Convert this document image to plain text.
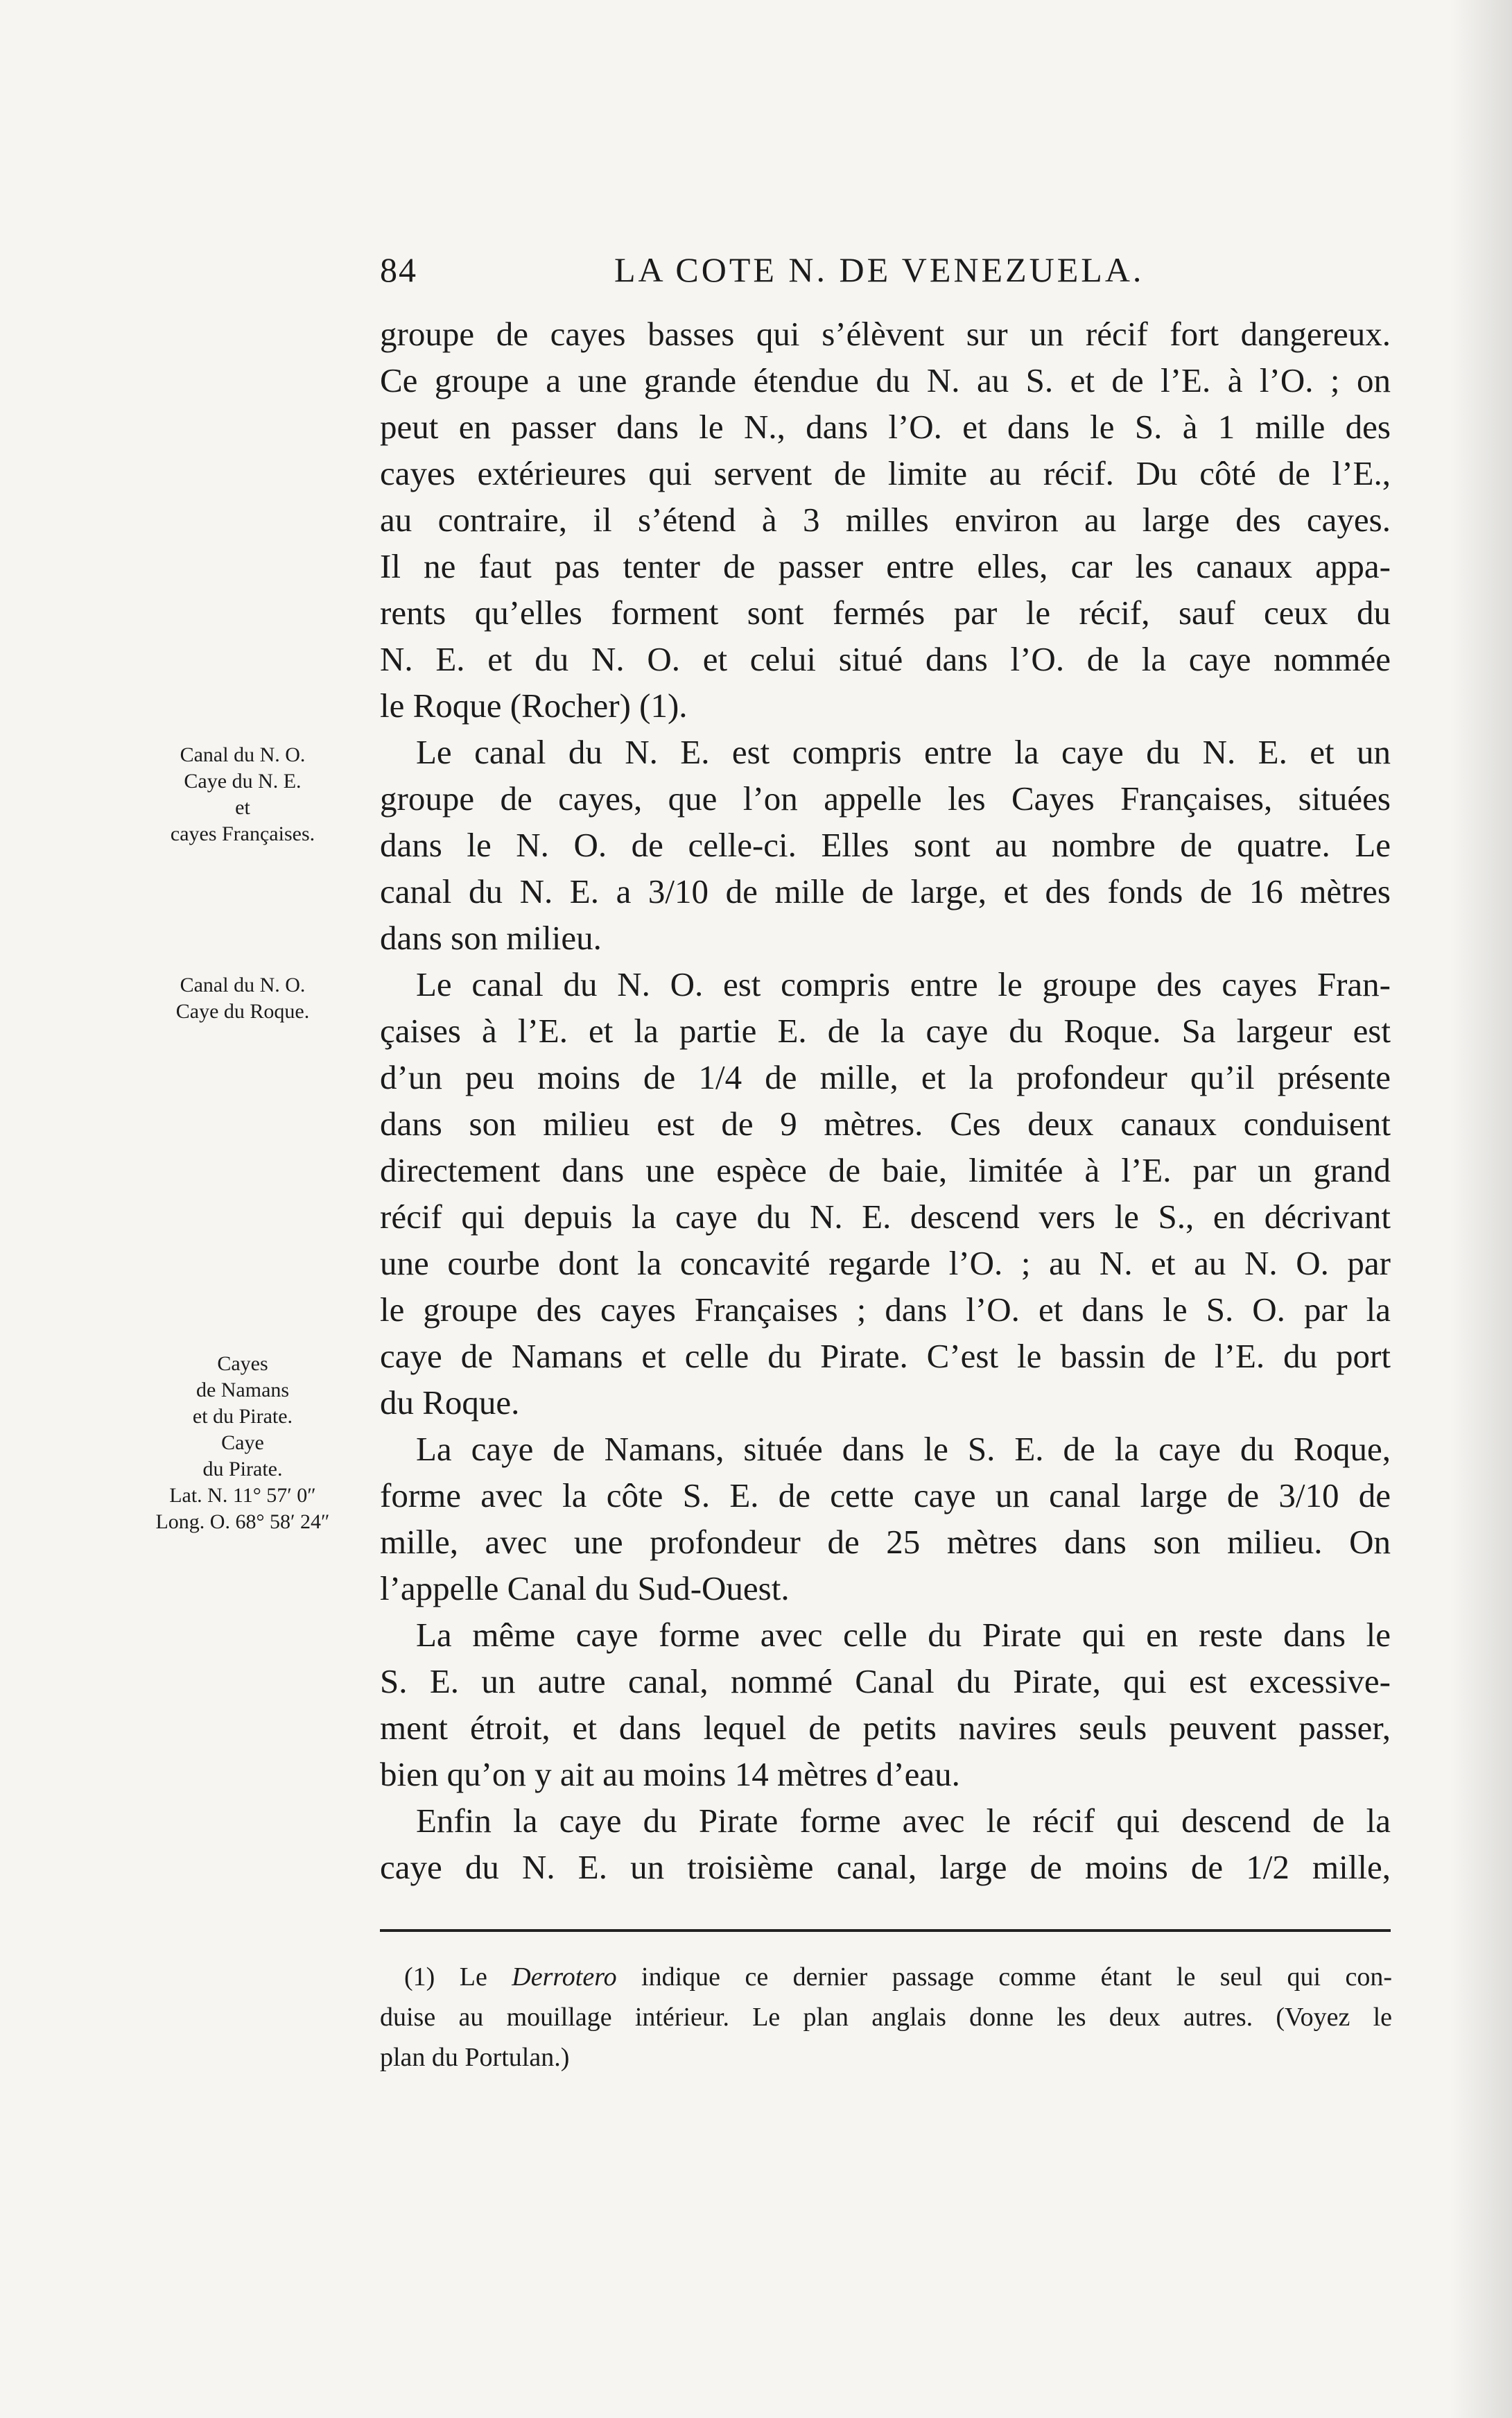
84	LA COTE N. DE VENEZUELA.
groupe de cayes basses qui s’élèvent sur un récif fort dangereux.
Ce groupe a une grande étendue du N. au S. et de l’E. à l’O. ; on
peut en passer dans le N., dans l’O. et dans le S. à 1 mille des
cayes extérieures qui servent de limite au récif. Du côté de l’E.,
au contraire, il s’étend à 3 milles environ au large des cayes.
Il ne faut pas tenter de passer entre elles, car les canaux appa-
rents qu’elles forment sont fermés par le récif, sauf ceux du
N. E. et du N. O. et celui situé dans l’O. de la caye nommée
le Roque (Rocher) (1).
Le canal du N. E. est compris entre la caye du N. E. et un
groupe de cayes, que l’on appelle les Cayes Françaises, situées
dans le N. O. de celle-ci. Elles sont au nombre de quatre. Le
canal du N. E. a 3/10 de mille de large, et des fonds de 16 mètres
dans son milieu.
Le canal du N. O. est compris entre le groupe des cayes Fran-
çaises à l’E. et la partie E. de la caye du Roque. Sa largeur est
d’un peu moins de 1/4 de mille, et la profondeur qu’il présente
dans son milieu est de 9 mètres. Ces deux canaux conduisent
directement dans une espèce de baie, limitée à l’E. par un grand
récif qui depuis la caye du N. E. descend vers le S., en décrivant
une courbe dont la concavité regarde l’O. ; au N. et au N. O. par
le groupe des cayes Françaises ; dans l’O. et dans le S. O. par la
caye de Namans et celle du Pirate. C’est le bassin de l’E. du port
du Roque.
La caye de Namans, située dans le S. E. de la caye du Roque,
forme avec la côte S. E. de cette caye un canal large de 3/10 de
mille, avec une profondeur de 25 mètres dans son milieu. On
l’appelle Canal du Sud-Ouest.
La même caye forme avec celle du Pirate qui en reste dans le
S. E. un autre canal, nommé Canal du Pirate, qui est excessive-
ment étroit, et dans lequel de petits navires seuls peuvent passer,
bien qu’on y ait au moins 14 mètres d’eau.
Enfin la caye du Pirate forme avec le récif qui descend de la
caye du N. E. un troisième canal, large de moins de 1/2 mille,
Canal du N. O.
Caye du N. E.
et
cayes Françaises.
Canal du N. O.
Caye du Roque.
Cayes
de Namans
et du Pirate.
Caye
du Pirate.
Lat. N. 11° 57′ 0″
Long. O. 68° 58′ 24″
(1) Le Derrotero indique ce dernier passage comme étant le seul qui con-
duise au mouillage intérieur. Le plan anglais donne les deux autres. (Voyez le
plan du Portulan.)
